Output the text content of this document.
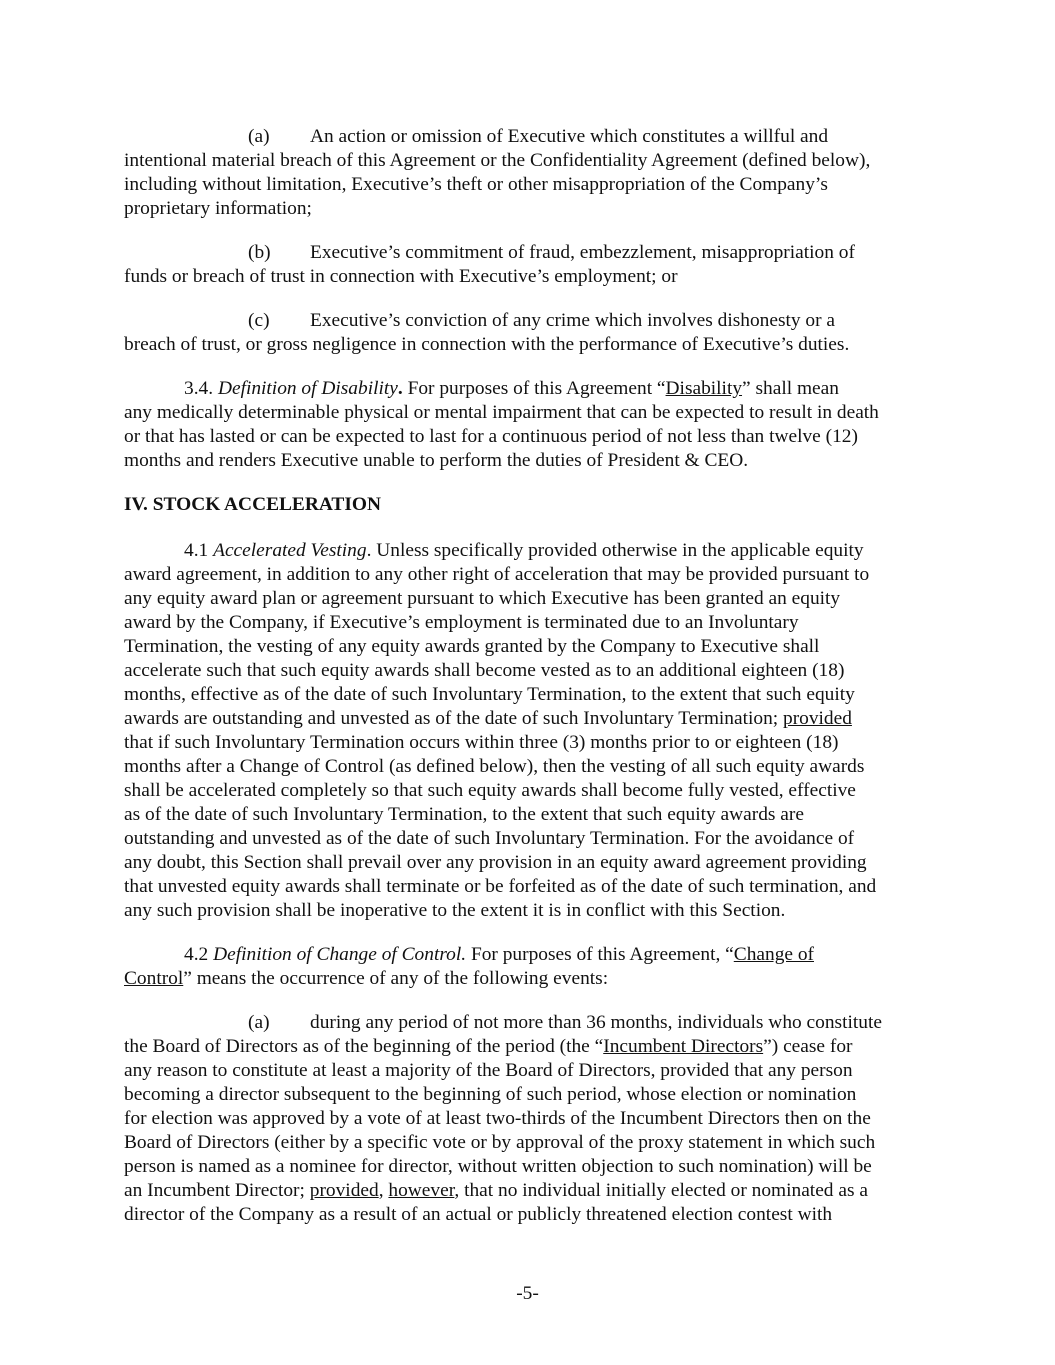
(a) An action or omission of Executive which constitutes a willful and
intentional material breach of this Agreement or the Confidentiality Agreement (defined below),
including without limitation, Executive’s theft or other misappropriation of the Company’s
proprietary information;

(b) Executive’s commitment of fraud, embezzlement, misappropriation of
funds or breach of trust in connection with Executive’s employment; or

(c) Executive’s conviction of any crime which involves dishonesty or a
breach of trust, or gross negligence in connection with the performance of Executive’s duties.

3.4. Definition of Disability. For purposes of this Agreement “Disability” shall mean
any medically determinable physical or mental impairment that can be expected to result in death
or that has lasted or can be expected to last for a continuous period of not less than twelve (12)
months and renders Executive unable to perform the duties of President & CEO.

IV. STOCK ACCELERATION

4.1 Accelerated Vesting. Unless specifically provided otherwise in the applicable equity
award agreement, in addition to any other right of acceleration that may be provided pursuant to
any equity award plan or agreement pursuant to which Executive has been granted an equity
award by the Company, if Executive’s employment is terminated due to an Involuntary
Termination, the vesting of any equity awards granted by the Company to Executive shall
accelerate such that such equity awards shall become vested as to an additional eighteen (18)
months, effective as of the date of such Involuntary Termination, to the extent that such equity
awards are outstanding and unvested as of the date of such Involuntary Termination; provided
that if such Involuntary Termination occurs within three (3) months prior to or eighteen (18)
months after a Change of Control (as defined below), then the vesting of all such equity awards
shall be accelerated completely so that such equity awards shall become fully vested, effective
as of the date of such Involuntary Termination, to the extent that such equity awards are
outstanding and unvested as of the date of such Involuntary Termination. For the avoidance of
any doubt, this Section shall prevail over any provision in an equity award agreement providing
that unvested equity awards shall terminate or be forfeited as of the date of such termination, and
any such provision shall be inoperative to the extent it is in conflict with this Section.

4.2 Definition of Change of Control. For purposes of this Agreement, “Change of
Control” means the occurrence of any of the following events:

(a) during any period of not more than 36 months, individuals who constitute
the Board of Directors as of the beginning of the period (the “Incumbent Directors”) cease for
any reason to constitute at least a majority of the Board of Directors, provided that any person
becoming a director subsequent to the beginning of such period, whose election or nomination
for election was approved by a vote of at least two-thirds of the Incumbent Directors then on the
Board of Directors (either by a specific vote or by approval of the proxy statement in which such
person is named as a nominee for director, without written objection to such nomination) will be
an Incumbent Director; provided, however, that no individual initially elected or nominated as a
director of the Company as a result of an actual or publicly threatened election contest with

-5-
